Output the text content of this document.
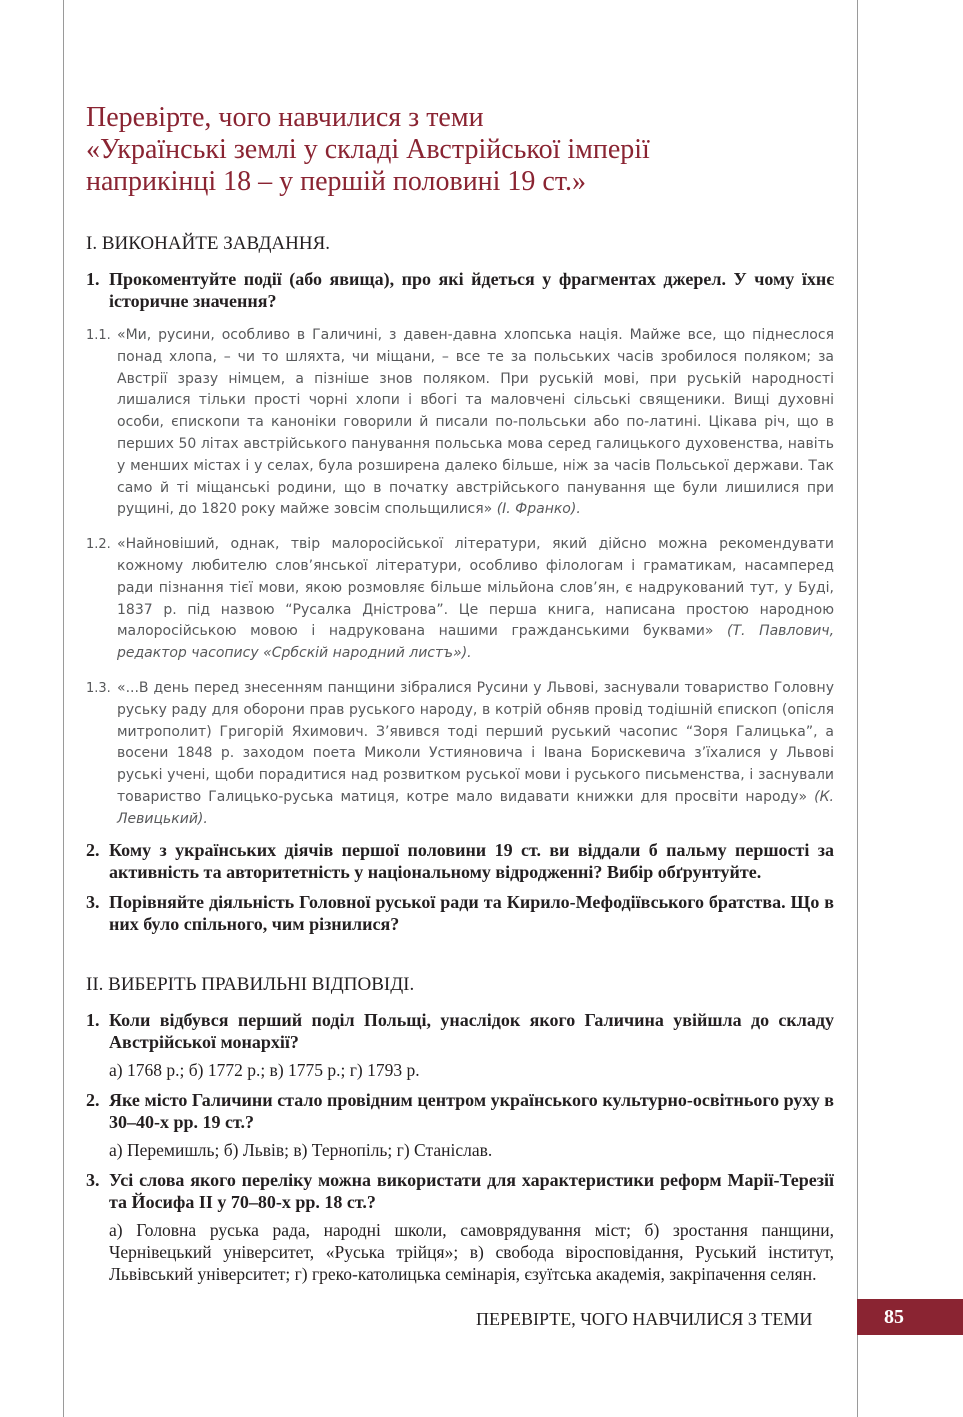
Перевірте, чого навчилися з теми
«Українські землі у складі Австрійської імперії
наприкінці 18 – у першій половині 19 ст.»
I. ВИКОНАЙТЕ ЗАВДАННЯ.
1. Прокоментуйте події (або явища), про які йдеться у фрагментах джерел. У чому їхнє історичне значення?
1.1. «Ми, русини, особливо в Галичині, з давен-давна хлопська нація. Майже все, що піднеслося понад хлопа, – чи то шляхта, чи міщани, – все те за польських часів зробилося поляком; за Австрії зразу німцем, а пізніше знов поляком. При руській мові, при руській народності лишалися тільки прості чорні хлопи і вбогі та маловчені сільські священики. Вищі духовні особи, єпископи та каноніки говорили й писали по-польськи або по-латині. Цікава річ, що в перших 50 літах австрійського панування польська мова серед галицького духовенства, навіть у менших містах і у селах, була розширена далеко більше, ніж за часів Польської держави. Так само й ті міщанські родини, що в початку австрійського панування ще були лишилися при рущині, до 1820 року майже зовсім спольщилися» (І. Франко).
1.2. «Найновіший, однак, твір малоросійської літератури, який дійсно можна рекомендувати кожному любителю слов’янської літератури, особливо філологам і граматикам, насамперед ради пізнання тієї мови, якою розмовляє більше мільйона слов’ян, є надрукований тут, у Буді, 1837 р. під назвою “Русалка Дністрова”. Це перша книга, написана простою народною малоросійською мовою і надрукована нашими гражданськими буквами» (Т. Павлович, редактор часопису «Србскій народний листъ»).
1.3. «...В день перед знесенням панщини зібралися Русини у Львові, заснували товариство Головну руську раду для оборони прав руського народу, в котрій обняв провід тодішній єпископ (опісля митрополит) Григорій Яхимович. З’явився тоді перший руський часопис “Зоря Галицька”, а восени 1848 р. заходом поета Миколи Устияновича і Івана Борискевича з’їхалися у Львові руські учені, щоби порадитися над розвитком руської мови і руського письменства, і заснували товариство Галицько-руська матиця, котре мало видавати книжки для просвіти народу» (К. Левицький).
2. Кому з українських діячів першої половини 19 ст. ви віддали б пальму першості за активність та авторитетність у національному відродженні? Вибір обґрунтуйте.
3. Порівняйте діяльність Головної руської ради та Кирило-Мефодіївського братства. Що в них було спільного, чим різнилися?
II. ВИБЕРІТЬ ПРАВИЛЬНІ ВІДПОВІДІ.
1. Коли відбувся перший поділ Польщі, унаслідок якого Галичина увійшла до складу Австрійської монархії?
а) 1768 р.; б) 1772 р.; в) 1775 р.; г) 1793 р.
2. Яке місто Галичини стало провідним центром українського культурно-освітнього руху в 30–40-х рр. 19 ст.?
а) Перемишль; б) Львів; в) Тернопіль; г) Станіслав.
3. Усі слова якого переліку можна використати для характеристики реформ Марії-Терезії та Йосифа II у 70–80-х рр. 18 ст.?
а) Головна руська рада, народні школи, самоврядування міст; б) зростання панщини, Чернівецький університет, «Руська трійця»; в) свобода віросповідання, Руський інститут, Львівський університет; г) греко-католицька семінарія, єзуїтська академія, закріпачення селян.
ПЕРЕВІРТЕ, ЧОГО НАВЧИЛИСЯ З ТЕМИ	85
